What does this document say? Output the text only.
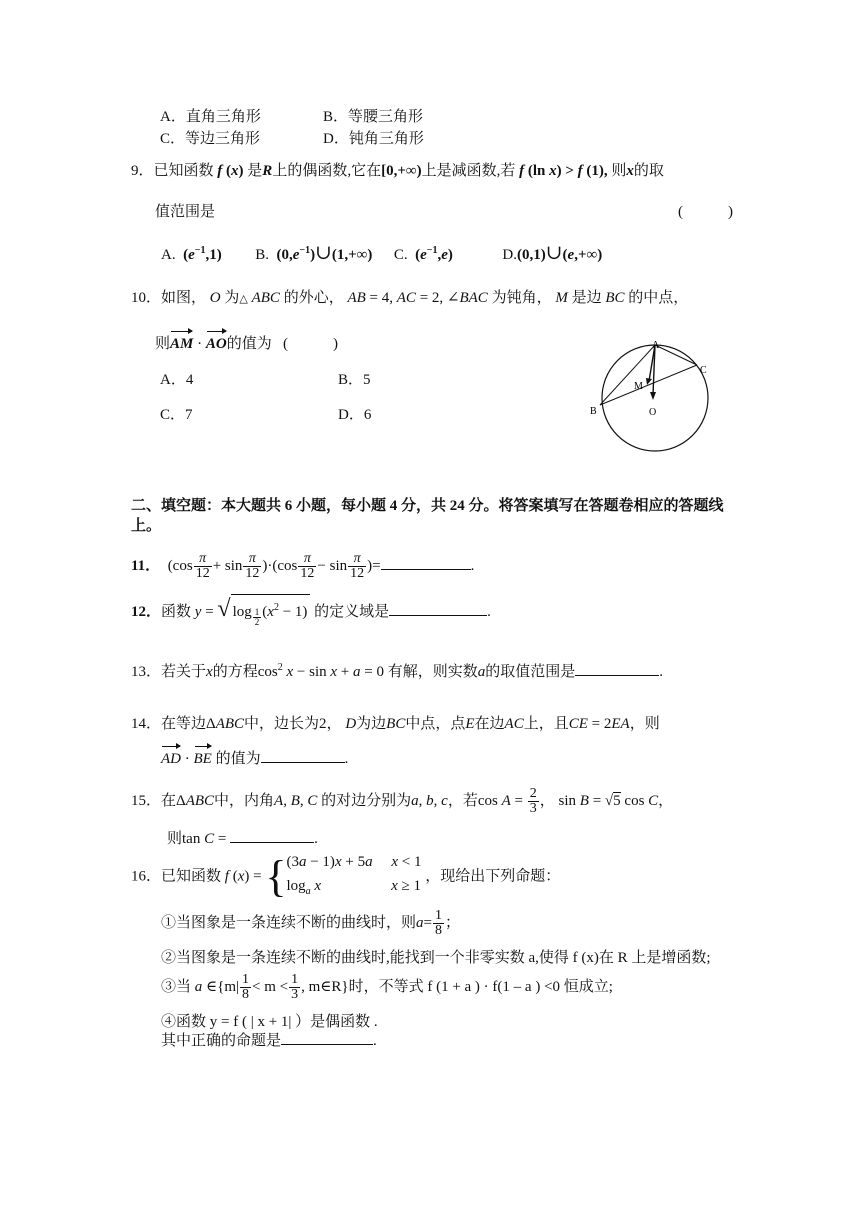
A．直角三角形	B．等腰三角形
C．等边三角形	D．钝角三角形
9．已知函数 f (x) 是R上的偶函数,它在[0,+∞)上是减函数,若 f (ln x) > f (1), 则x的取
值范围是	(　　　)
A. $(e^{-1},1)$ B. $(0,e^{-1})\cup(1,+\infty)$ C. $(e^{-1},e)$	D.(0,1)∪(e,+∞)
10．如图， O 为△ ABC 的外心， AB = 4, AC = 2, ∠BAC 为钝角， M 是边 BC 的中点，
则AM · AO的值为 (　　　)
A．4	B．5
C．7	D．6
A
C
M
B	O
二、填空题：本大题共 6 小题，每小题 4 分，共 24 分。将答案填写在答题卷相应的答题线
上。
11．  $(\cos \frac{\pi}{12} + \sin \frac{\pi}{12} )\cdot(\cos \frac{\pi}{12} - \sin \frac{\pi}{12}$ )=	.
12．函数 y = √ log $_{\frac{1}{2}}$ $(x^2 - 1)$ 的定义域是	.
13．若关于x的方程$\cos^2 x - \sin x + a = 0$ 有解，则实数a的取值范围是	.
14．在等边ΔABC中，边长为2， D为边BC中点，点E在边AC上，且CE = 2EA，则
AD · BE 的值为	.
15．在ΔABC中，内角A, B, C 的对边分别为a, b, c，若$\cos A = \frac{2}{3}$ ， sin B = √5 cos C，
则tan C =	.
16．已知函数 f (x) = {(3a − 1)x + 5a x < 1
$\log_a x$	x ≥ 1 ，现给出下列命题：
①当图象是一条连续不断的曲线时，则$a= \frac{1}{8}$ ；
②当图象是一条连续不断的曲线时,能找到一个非零实数 a,使得 f (x)在 R 上是增函数;
③当 a ∈{m| $\frac{1}{8} < m < \frac{1}{3}$ , m∈R}时，不等式 f (1 + a ) · f(1 – a ) <0 恒成立;
④函数 y = f ( | x + 1| ）是偶函数 .
其中正确的命题是	.
